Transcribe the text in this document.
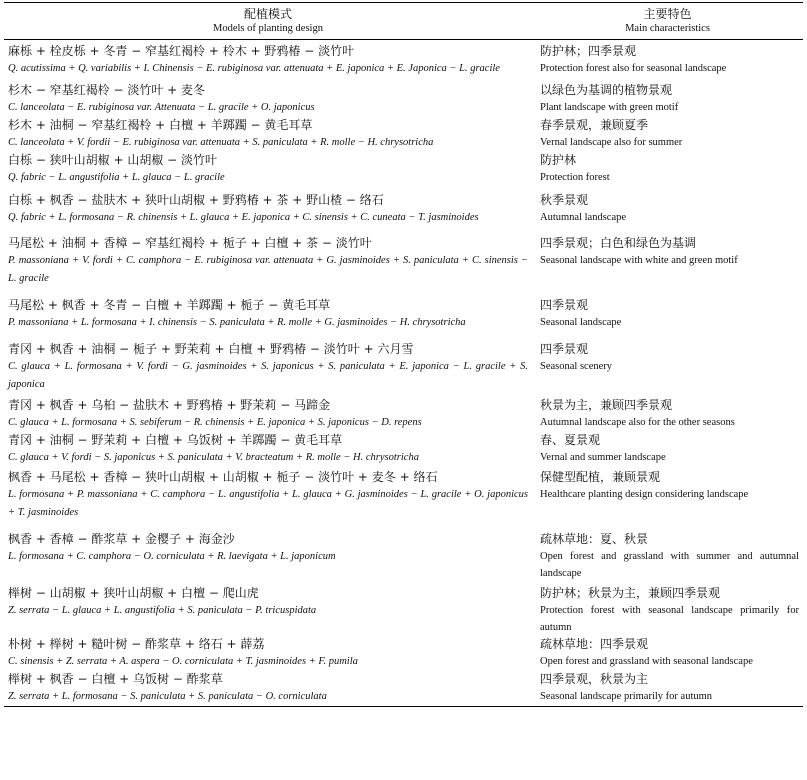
配植模式
Models of planting design	主要特色
Main characteristics

麻栎 + 栓皮栎 + 冬青 − 窄基红褐柃 + 柃木 + 野鸦椿 − 淡竹叶
Q. acutissima + Q. variabilis + I. Chinensis − E. rubiginosa var. attenuata + E. japonica + E. Japonica − L. gracile	防护林；四季景观
Protection forest also for seasonal landscape

杉木 − 窄基红褐柃 − 淡竹叶 + 麦冬
C. lanceolata − E. rubiginosa var. Attenuata − L. gracile + O. japonicus	以绿色为基调的植物景观
Plant landscape with green motif

杉木 + 油桐 − 窄基红褐柃 + 白檀 + 羊踯躅 − 黄毛耳草
C. lanceolata + V. fordii − E. rubiginosa var. attenuata + S. paniculata + R. molle − H. chrysotricha	春季景观，兼顾夏季
Vernal landscape also for summer

白栎 − 狭叶山胡椒 + 山胡椒 − 淡竹叶
Q. fabric − L. angustifolia + L. glauca − L. gracile	防护林
Protection forest

白栎 + 枫香 − 盐肤木 + 狭叶山胡椒 + 野鸦椿 + 茶 + 野山楂 − 络石
Q. fabric + L. formosana − R. chinensis + L. glauca + E. japonica + C. sinensis + C. cuneata − T. jasminoides	秋季景观
Autumnal landscape

马尾松 + 油桐 + 香樟 − 窄基红褐柃 + 栀子 + 白檀 + 茶 − 淡竹叶
P. massoniana + V. fordi + C. camphora − E. rubiginosa var. attenuata + G. jasminoides + S. paniculata + C. sinensis − L. gracile	四季景观；白色和绿色为基调
Seasonal landscape with white and green motif

马尾松 + 枫香 + 冬青 − 白檀 + 羊踯躅 + 栀子 − 黄毛耳草
P. massoniana + L. formosana + I. chinensis − S. paniculata + R. molle + G. jasminoides − H. chrysotricha	四季景观
Seasonal landscape

青冈 + 枫香 + 油桐 − 栀子 + 野茉莉 + 白檀 + 野鸦椿 − 淡竹叶 + 六月雪
C. glauca + L. formosana + V. fordi − G. jasminoides + S. japonicus + S. paniculata + E. japonica − L. gracile + S. japonica	四季景观
Seasonal scenery

青冈 + 枫香 + 乌桕 − 盐肤木 + 野鸦椿 + 野茉莉 − 马蹄金
C. glauca + L. formosana + S. sebiferum − R. chinensis + E. japonica + S. japonicus − D. repens	秋景为主，兼顾四季景观
Autumnal landscape also for the other seasons

青冈 + 油桐 − 野茉莉 + 白檀 + 乌饭树 + 羊踯躅 − 黄毛耳草
C. glauca + V. fordi − S. japonicus + S. paniculata + V. bracteatum + R. molle − H. chrysotricha	春、夏景观
Vernal and summer landscape

枫香 + 马尾松 + 香樟 − 狭叶山胡椒 + 山胡椒 + 栀子 − 淡竹叶 + 麦冬 + 络石
L. formosana + P. massoniana + C. camphora − L. angustifolia + L. glauca + G. jasminoides − L. gracile + O. japonicus + T. jasminoides	保健型配植，兼顾景观
Healthcare planting design considering landscape

枫香 + 香樟 − 酢浆草 + 金樱子 + 海金沙
L. formosana + C. camphora − O. corniculata + R. laevigata + L. japonicum	疏林草地：夏、秋景
Open forest and grassland with summer and autumnal landscape

榉树 − 山胡椒 + 狭叶山胡椒 + 白檀 − 爬山虎
Z. serrata − L. glauca + L. angustifolia + S. paniculata − P. tricuspidata	防护林；秋景为主，兼顾四季景观
Protection forest with seasonal landscape primarily for autumn

朴树 + 榉树 + 糙叶树 − 酢浆草 + 络石 + 薜荔
C. sinensis + Z. serrata + A. aspera − O. corniculata + T. jasminoides + F. pumila	疏林草地：四季景观
Open forest and grassland with seasonal landscape

榉树 + 枫香 − 白檀 + 乌饭树 − 酢浆草
Z. serrata + L. formosana − S. paniculata + S. paniculata − O. corniculata	四季景观，秋景为主
Seasonal landscape primarily for autumn
